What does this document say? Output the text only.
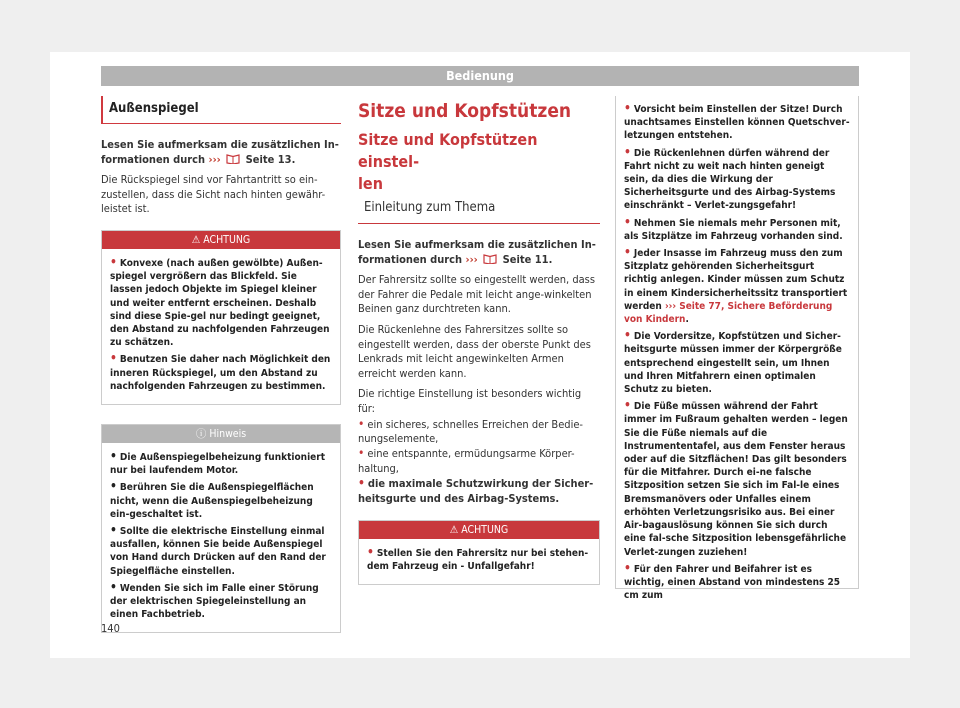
Bedienung
Außenspiegel

Lesen Sie aufmerksam die zusätzlichen In-

formationen durch ››› Seite 13.

Die Rückspiegel sind vor Fahrtantritt so ein-zustellen, dass die Sicht nach hinten gewähr-leistet ist.

⚠ ACHTUNG

• Konvexe (nach außen gewölbte) Außen-spiegel vergrößern das Blickfeld. Sie lassen jedoch Objekte im Spiegel kleiner und weiter entfernt erscheinen. Deshalb sind diese Spie-gel nur bedingt geeignet, den Abstand zu nachfolgenden Fahrzeugen zu schätzen.

• Benutzen Sie daher nach Möglichkeit den inneren Rückspiegel, um den Abstand zu nachfolgenden Fahrzeugen zu bestimmen.

ⓘ Hinweis

• Die Außenspiegelbeheizung funktioniert nur bei laufendem Motor.

• Berühren Sie die Außenspiegelflächen nicht, wenn die Außenspiegelbeheizung ein-geschaltet ist.

• Sollte die elektrische Einstellung einmal ausfallen, können Sie beide Außenspiegel von Hand durch Drücken auf den Rand der Spiegelfläche einstellen.

• Wenden Sie sich im Falle einer Störung der elektrischen Spiegeleinstellung an einen Fachbetrieb.

Sitze und Kopfstützen
Sitze und Kopfstützen einstel-
len
Einleitung zum Thema

Lesen Sie aufmerksam die zusätzlichen In-

formationen durch ››› Seite 11.

Der Fahrersitz sollte so eingestellt werden, dass der Fahrer die Pedale mit leicht ange-winkelten Beinen ganz durchtreten kann.

Die Rückenlehne des Fahrersitzes sollte so eingestellt werden, dass der oberste Punkt des Lenkrads mit leicht angewinkelten Armen erreicht werden kann.

Die richtige Einstellung ist besonders wichtig für:

• ein sicheres, schnelles Erreichen der Bedie-nungselemente,

• eine entspannte, ermüdungsarme Körper-haltung,

• die maximale Schutzwirkung der Sicher-heitsgurte und des Airbag-Systems.

⚠ ACHTUNG

• Stellen Sie den Fahrersitz nur bei stehen-dem Fahrzeug ein - Unfallgefahr!

• Vorsicht beim Einstellen der Sitze! Durch unachtsames Einstellen können Quetschver-letzungen entstehen.

• Die Rückenlehnen dürfen während der Fahrt nicht zu weit nach hinten geneigt sein, da dies die Wirkung der Sicherheitsgurte und des Airbag-Systems einschränkt – Verlet-zungsgefahr!

• Nehmen Sie niemals mehr Personen mit, als Sitzplätze im Fahrzeug vorhanden sind.

• Jeder Insasse im Fahrzeug muss den zum Sitzplatz gehörenden Sicherheitsgurt richtig anlegen. Kinder müssen zum Schutz in einem Kindersicherheitssitz transportiert werden ››› Seite 77, Sichere Beförderung von Kindern.

• Die Vordersitze, Kopfstützen und Sicher-heitsgurte müssen immer der Körpergröße entsprechend eingestellt sein, um Ihnen und Ihren Mitfahrern einen optimalen Schutz zu bieten.

• Die Füße müssen während der Fahrt immer im Fußraum gehalten werden – legen Sie die Füße niemals auf die Instrumententafel, aus dem Fenster heraus oder auf die Sitzflächen! Das gilt besonders für die Mitfahrer. Durch ei-ne falsche Sitzposition setzen Sie sich im Fal-le eines Bremsmanövers oder Unfalles einem erhöhten Verletzungsrisiko aus. Bei einer Air-bagauslösung können Sie sich durch eine fal-sche Sitzposition lebensgefährliche Verlet-zungen zuziehen!

• Für den Fahrer und Beifahrer ist es wichtig, einen Abstand von mindestens 25 cm zum

140
